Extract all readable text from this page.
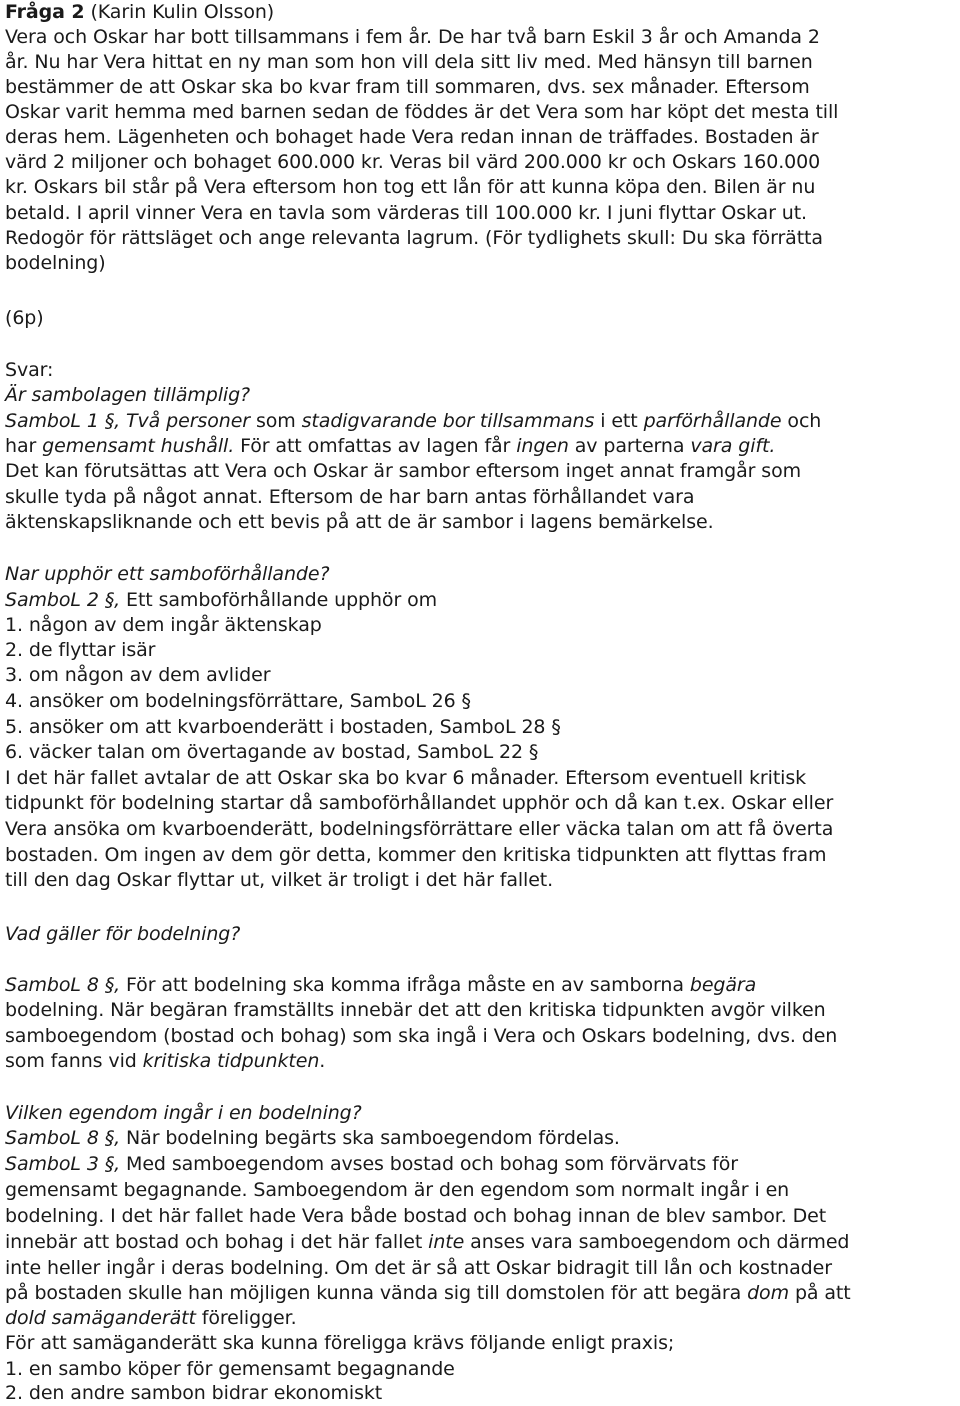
Fråga 2 (Karin Kulin Olsson)

Vera och Oskar har bott tillsammans i fem år. De har två barn Eskil 3 år och Amanda 2

år. Nu har Vera hittat en ny man som hon vill dela sitt liv med. Med hänsyn till barnen

bestämmer de att Oskar ska bo kvar fram till sommaren, dvs. sex månader. Eftersom

Oskar varit hemma med barnen sedan de föddes är det Vera som har köpt det mesta till

deras hem. Lägenheten och bohaget hade Vera redan innan de träffades. Bostaden är

värd 2 miljoner och bohaget 600.000 kr. Veras bil värd 200.000 kr och Oskars 160.000

kr. Oskars bil står på Vera eftersom hon tog ett lån för att kunna köpa den. Bilen är nu

betald. I april vinner Vera en tavla som värderas till 100.000 kr. I juni flyttar Oskar ut.

Redogör för rättsläget och ange relevanta lagrum. (För tydlighets skull: Du ska förrätta

bodelning)

(6p)

Svar:

Är sambolagen tillämplig?

SamboL 1 §, Två personer som stadigvarande bor tillsammans i ett parförhållande och

har gemensamt hushåll. För att omfattas av lagen får ingen av parterna vara gift.

Det kan förutsättas att Vera och Oskar är sambor eftersom inget annat framgår som

skulle tyda på något annat. Eftersom de har barn antas förhållandet vara

äktenskapsliknande och ett bevis på att de är sambor i lagens bemärkelse.

Nar upphör ett samboförhållande?

SamboL 2 §, Ett samboförhållande upphör om

1. någon av dem ingår äktenskap

2. de flyttar isär

3. om någon av dem avlider

4. ansöker om bodelningsförrättare, SamboL 26 §

5. ansöker om att kvarboenderätt i bostaden, SamboL 28 §

6. väcker talan om övertagande av bostad, SamboL 22 §

I det här fallet avtalar de att Oskar ska bo kvar 6 månader. Eftersom eventuell kritisk

tidpunkt för bodelning startar då samboförhållandet upphör och då kan t.ex. Oskar eller

Vera ansöka om kvarboenderätt, bodelningsförrättare eller väcka talan om att få överta

bostaden. Om ingen av dem gör detta, kommer den kritiska tidpunkten att flyttas fram

till den dag Oskar flyttar ut, vilket är troligt i det här fallet.

Vad gäller för bodelning?

SamboL 8 §, För att bodelning ska komma ifråga måste en av samborna begära

bodelning. När begäran framställts innebär det att den kritiska tidpunkten avgör vilken

samboegendom (bostad och bohag) som ska ingå i Vera och Oskars bodelning, dvs. den

som fanns vid kritiska tidpunkten.

Vilken egendom ingår i en bodelning?

SamboL 8 §, När bodelning begärts ska samboegendom fördelas.

SamboL 3 §, Med samboegendom avses bostad och bohag som förvärvats för

gemensamt begagnande. Samboegendom är den egendom som normalt ingår i en

bodelning. I det här fallet hade Vera både bostad och bohag innan de blev sambor. Det

innebär att bostad och bohag i det här fallet inte anses vara samboegendom och därmed

inte heller ingår i deras bodelning. Om det är så att Oskar bidragit till lån och kostnader

på bostaden skulle han möjligen kunna vända sig till domstolen för att begära dom på att

dold samäganderätt föreligger.

För att samäganderätt ska kunna föreligga krävs följande enligt praxis;

1. en sambo köper för gemensamt begagnande

2. den andre sambon bidrar ekonomiskt
